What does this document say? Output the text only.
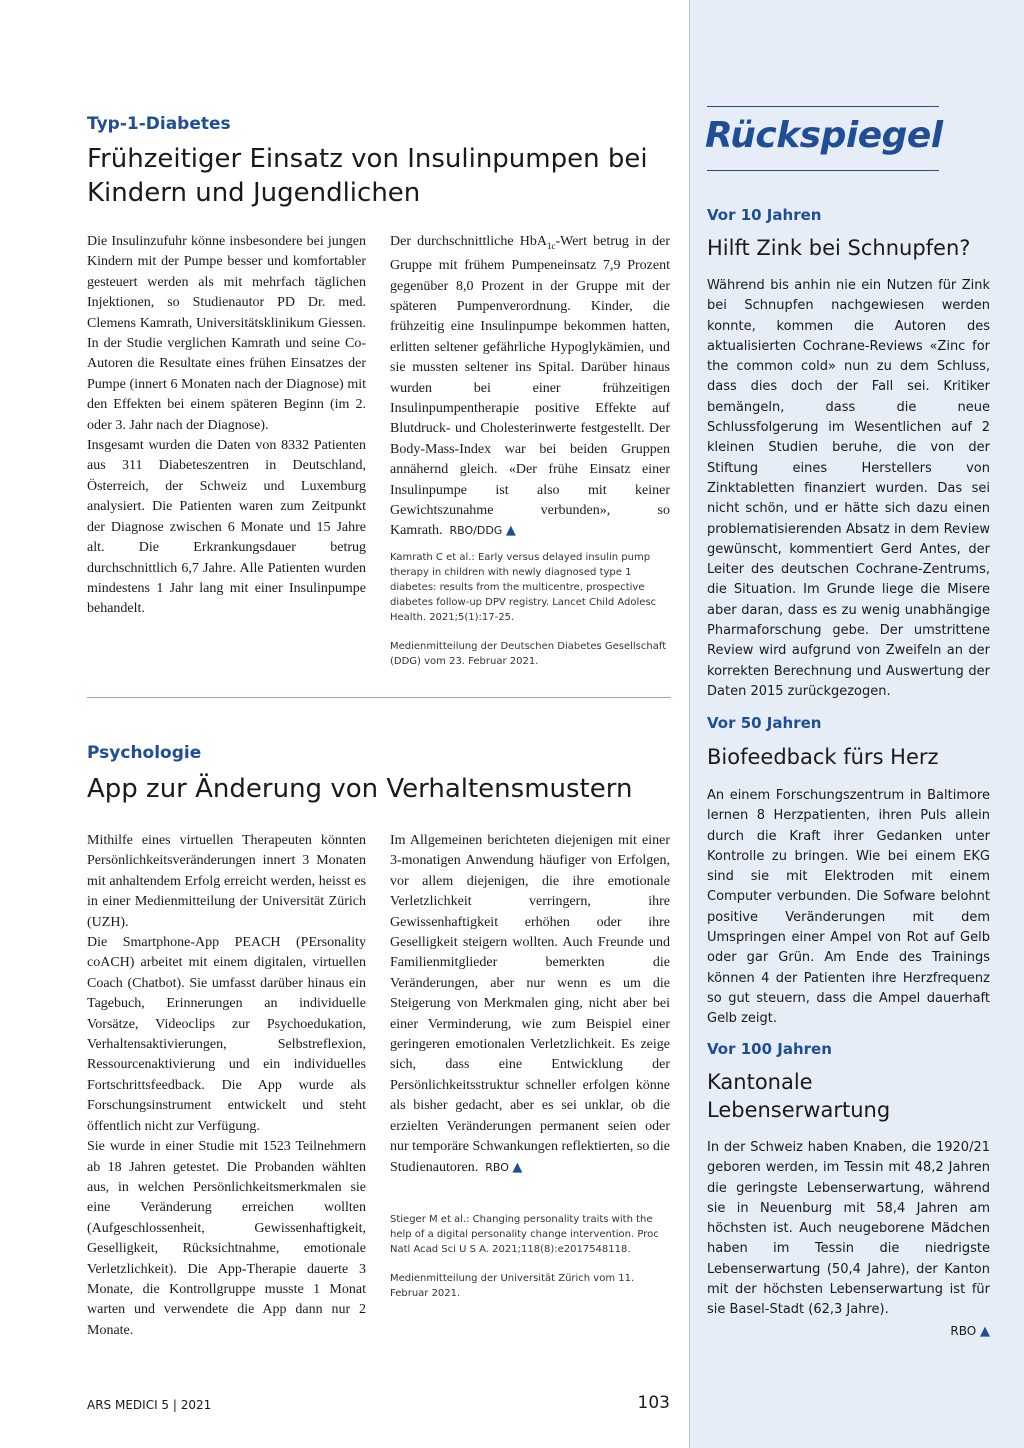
Typ-1-Diabetes
Frühzeitiger Einsatz von Insulinpumpen bei Kindern und Jugendlichen

Die Insulinzufuhr könne insbesondere bei jungen Kindern mit der Pumpe besser und komfortabler gesteuert werden als mit mehrfach täglichen Injektionen, so Studienautor PD Dr. med. Clemens Kamrath, Universitätsklinikum Giessen. In der Studie verglichen Kamrath und seine Co-Autoren die Resultate eines frühen Einsatzes der Pumpe (innert 6 Monaten nach der Diagnose) mit den Effekten bei einem späteren Beginn (im 2. oder 3. Jahr nach der Diagnose).

Insgesamt wurden die Daten von 8332 Patienten aus 311 Diabeteszentren in Deutschland, Österreich, der Schweiz und Luxemburg analysiert. Die Patienten waren zum Zeitpunkt der Diagnose zwischen 6 Monate und 15 Jahre alt. Die Erkrankungsdauer betrug durchschnittlich 6,7 Jahre. Alle Patienten wurden mindestens 1 Jahr lang mit einer Insulinpumpe behandelt.

Der durchschnittliche HbA$_{1c}$-Wert betrug in der Gruppe mit frühem Pumpeneinsatz 7,9 Prozent gegenüber 8,0 Prozent in der Gruppe mit der späteren Pumpenverordnung. Kinder, die frühzeitig eine Insulinpumpe bekommen hatten, erlitten seltener gefährliche Hypoglykämien, und sie mussten seltener ins Spital. Darüber hinaus wurden bei einer frühzeitigen Insulinpumpentherapie positive Effekte auf Blutdruck- und Cholesterinwerte festgestellt. Der Body-Mass-Index war bei beiden Gruppen annähernd gleich. «Der frühe Einsatz einer Insulinpumpe ist also mit keiner Gewichtszunahme verbunden», so Kamrath. RBO/DDG ▲

Kamrath C et al.: Early versus delayed insulin pump therapy in children with newly diagnosed type 1 diabetes: results from the multicentre, prospective diabetes follow-up DPV registry. Lancet Child Adolesc Health. 2021;5(1):17-25.

Medienmitteilung der Deutschen Diabetes Gesellschaft (DDG) vom 23. Februar 2021.

Psychologie
App zur Änderung von Verhaltensmustern

Mithilfe eines virtuellen Therapeuten könnten Persönlichkeitsveränderungen innert 3 Monaten mit anhaltendem Erfolg erreicht werden, heisst es in einer Medienmitteilung der Universität Zürich (UZH).

Die Smartphone-App PEACH (PErsonality coACH) arbeitet mit einem digitalen, virtuellen Coach (Chatbot). Sie umfasst darüber hinaus ein Tagebuch, Erinnerungen an individuelle Vorsätze, Videoclips zur Psychoedukation, Verhaltensaktivierungen, Selbstreflexion, Ressourcenaktivierung und ein individuelles Fortschrittsfeedback. Die App wurde als Forschungsinstrument entwickelt und steht öffentlich nicht zur Verfügung.

Sie wurde in einer Studie mit 1523 Teilnehmern ab 18 Jahren getestet. Die Probanden wählten aus, in welchen Persönlichkeitsmerkmalen sie eine Veränderung erreichen wollten (Aufgeschlossenheit, Gewissenhaftigkeit, Geselligkeit, Rücksichtnahme, emotionale Verletzlichkeit). Die App-Therapie dauerte 3 Monate, die Kontrollgruppe musste 1 Monat warten und verwendete die App dann nur 2 Monate.

Im Allgemeinen berichteten diejenigen mit einer 3-monatigen Anwendung häufiger von Erfolgen, vor allem diejenigen, die ihre emotionale Verletzlichkeit verringern, ihre Gewissenhaftigkeit erhöhen oder ihre Geselligkeit steigern wollten. Auch Freunde und Familienmitglieder bemerkten die Veränderungen, aber nur wenn es um die Steigerung von Merkmalen ging, nicht aber bei einer Verminderung, wie zum Beispiel einer geringeren emotionalen Verletzlichkeit. Es zeige sich, dass eine Entwicklung der Persönlichkeitsstruktur schneller erfolgen könne als bisher gedacht, aber es sei unklar, ob die erzielten Veränderungen permanent seien oder nur temporäre Schwankungen reflektierten, so die Studienautoren. RBO ▲

Stieger M et al.: Changing personality traits with the help of a digital personality change intervention. Proc Natl Acad Sci U S A. 2021;118(8):e2017548118.

Medienmitteilung der Universität Zürich vom 11. Februar 2021.

Rückspiegel
Vor 10 Jahren
Hilft Zink bei Schnupfen?

Während bis anhin nie ein Nutzen für Zink bei Schnupfen nachgewiesen werden konnte, kommen die Autoren des aktualisierten Cochrane-Reviews «Zinc for the common cold» nun zu dem Schluss, dass dies doch der Fall sei. Kritiker bemängeln, dass die neue Schlussfolgerung im Wesentlichen auf 2 kleinen Studien beruhe, die von der Stiftung eines Herstellers von Zinktabletten finanziert wurden. Das sei nicht schön, und er hätte sich dazu einen problematisierenden Absatz in dem Review gewünscht, kommentiert Gerd Antes, der Leiter des deutschen Cochrane-Zentrums, die Situation. Im Grunde liege die Misere aber daran, dass es zu wenig unabhängige Pharmaforschung gebe. Der umstrittene Review wird aufgrund von Zweifeln an der korrekten Berechnung und Auswertung der Daten 2015 zurückgezogen.

Vor 50 Jahren
Biofeedback fürs Herz

An einem Forschungszentrum in Baltimore lernen 8 Herzpatienten, ihren Puls allein durch die Kraft ihrer Gedanken unter Kontrolle zu bringen. Wie bei einem EKG sind sie mit Elektroden mit einem Computer verbunden. Die Sofware belohnt positive Veränderungen mit dem Umspringen einer Ampel von Rot auf Gelb oder gar Grün. Am Ende des Trainings können 4 der Patienten ihre Herzfrequenz so gut steuern, dass die Ampel dauerhaft Gelb zeigt.

Vor 100 Jahren
Kantonale Lebenserwartung

In der Schweiz haben Knaben, die 1920/21 geboren werden, im Tessin mit 48,2 Jahren die geringste Lebenserwartung, während sie in Neuenburg mit 58,4 Jahren am höchsten ist. Auch neugeborene Mädchen haben im Tessin die niedrigste Lebenserwartung (50,4 Jahre), der Kanton mit der höchsten Lebenserwartung ist für sie Basel-Stadt (62,3 Jahre).

RBO ▲
ARS MEDICI 5 | 2021	103
